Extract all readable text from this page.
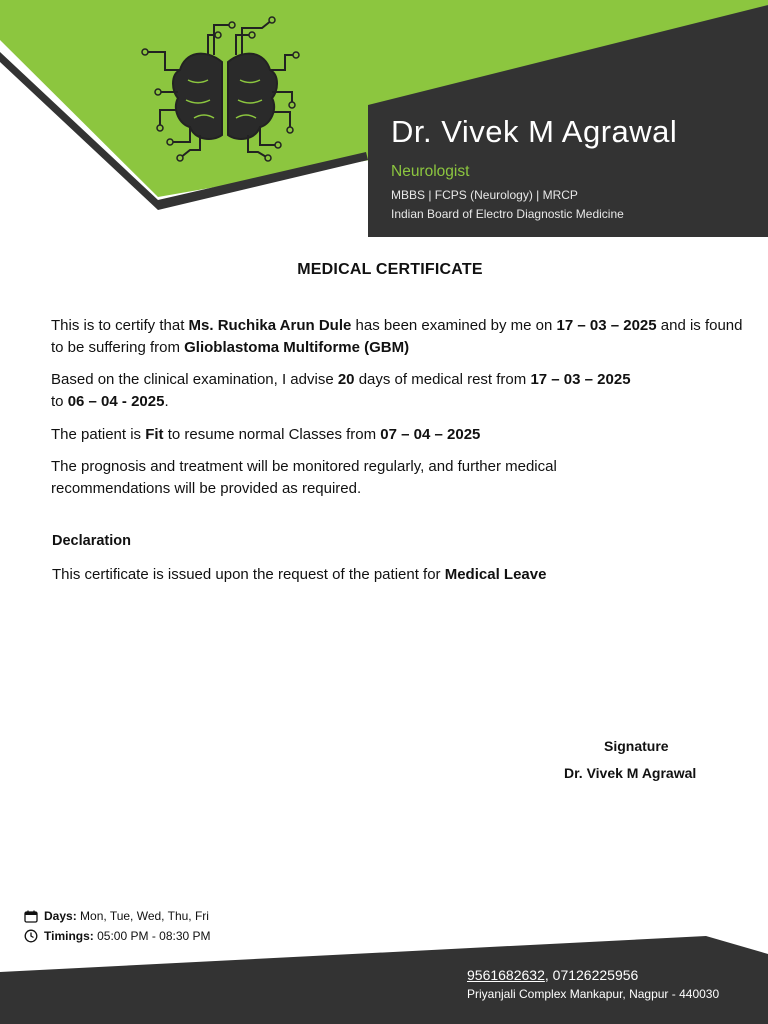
Dr. Vivek M Agrawal
Neurologist
MBBS | FCPS (Neurology) | MRCP
Indian Board of Electro Diagnostic Medicine
MEDICAL CERTIFICATE
This is to certify that Ms. Ruchika Arun Dule has been examined by me on 17 – 03 – 2025 and is found to be suffering from Glioblastoma Multiforme (GBM)
Based on the clinical examination, I advise 20 days of medical rest from 17 – 03 – 2025
to 06 – 04 - 2025.
The patient is Fit to resume normal Classes from 07 – 04 – 2025
The prognosis and treatment will be monitored regularly, and further medical recommendations will be provided as required.
Declaration
This certificate is issued upon the request of the patient for Medical Leave
Signature
Dr. Vivek M Agrawal
Days: Mon, Tue, Wed, Thu, Fri
Timings: 05:00 PM - 08:30 PM
9561682632, 07126225956
Priyanjali Complex Mankapur, Nagpur - 440030
